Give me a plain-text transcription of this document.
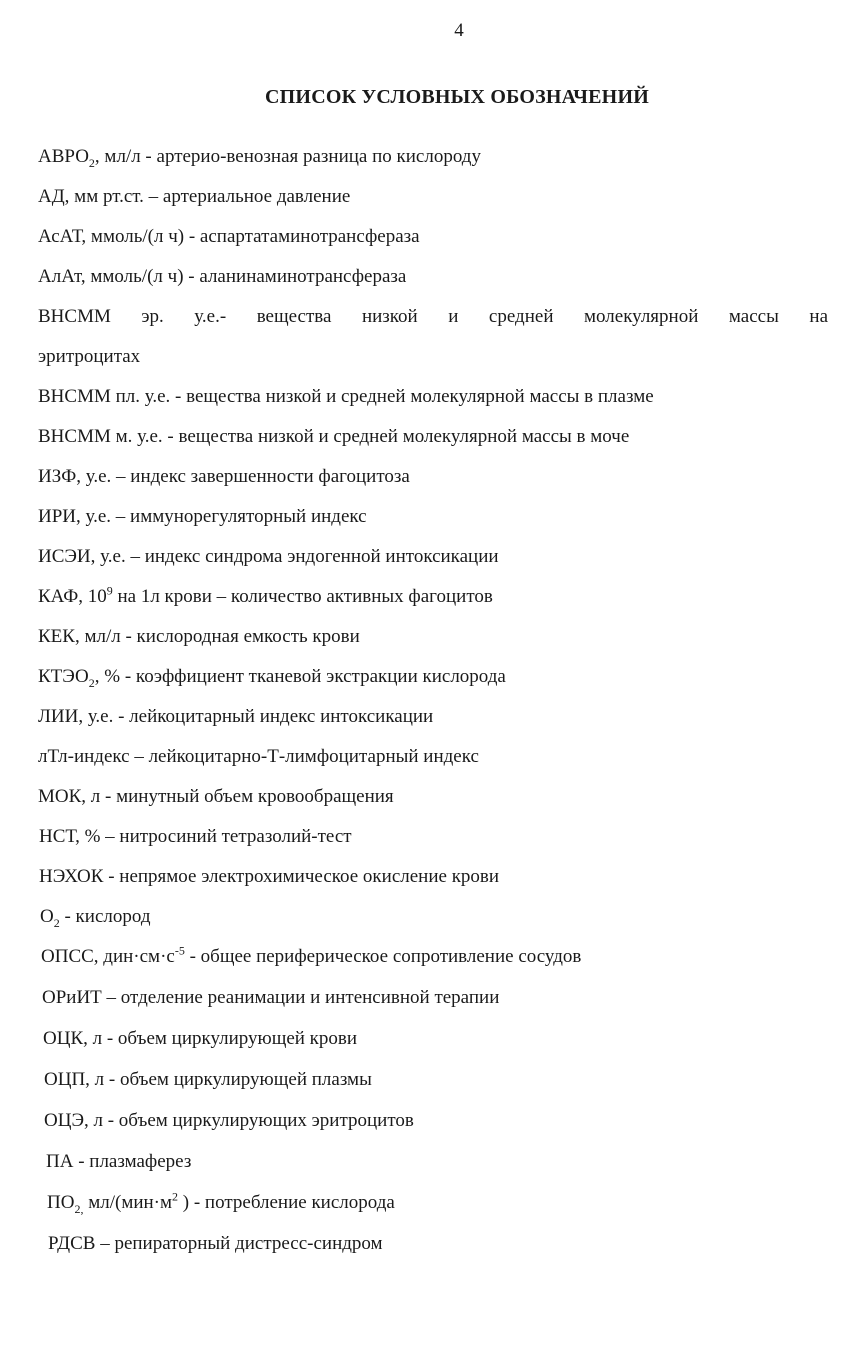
4
СПИСОК УСЛОВНЫХ ОБОЗНАЧЕНИЙ
$АВРО_2$, мл/л - артерио-венозная разница по кислороду
АД, мм рт.ст. – артериальное давление
АсАТ, ммоль/(л ч) - аспартатаминотрансфераза
АлАт, ммоль/(л ч) - аланинаминотрансфераза
ВНСММ эр. у.е.- вещества низкой и средней молекулярной массы на
эритроцитах
ВНСММ пл. у.е. - вещества низкой и средней молекулярной массы в плазме
ВНСММ м. у.е. - вещества низкой и средней молекулярной массы в моче
ИЗФ, у.е. – индекс завершенности фагоцитоза
ИРИ, у.е. – иммунорегуляторный индекс
ИСЭИ, у.е. – индекс синдрома эндогенной интоксикации
КАФ, $10^9$ на 1л крови – количество активных фагоцитов
КЕК, мл/л - кислородная емкость крови
$КТЭО_2$, % - коэффициент тканевой экстракции кислорода
ЛИИ, у.е. - лейкоцитарный индекс интоксикации
лТл-индекс – лейкоцитарно-Т-лимфоцитарный индекс
МОК, л - минутный объем кровообращения
НСТ, % – нитросиний тетразолий-тест
НЭХОК - непрямое электрохимическое окисление крови
$О_2$ - кислород
ОПСС, $дин\cdot см\cdot с^{-5}$ - общее периферическое сопротивление сосудов
ОРиИТ – отделение реанимации и интенсивной терапии
ОЦК, л - объем циркулирующей крови
ОЦП, л - объем циркулирующей плазмы
ОЦЭ, л - объем циркулирующих эритроцитов
ПА - плазмаферез
$ПО_{2,}$ $мл/(мин\cdot м^2$ ) - потребление кислорода
РДСВ – репираторный дистресс-синдром
